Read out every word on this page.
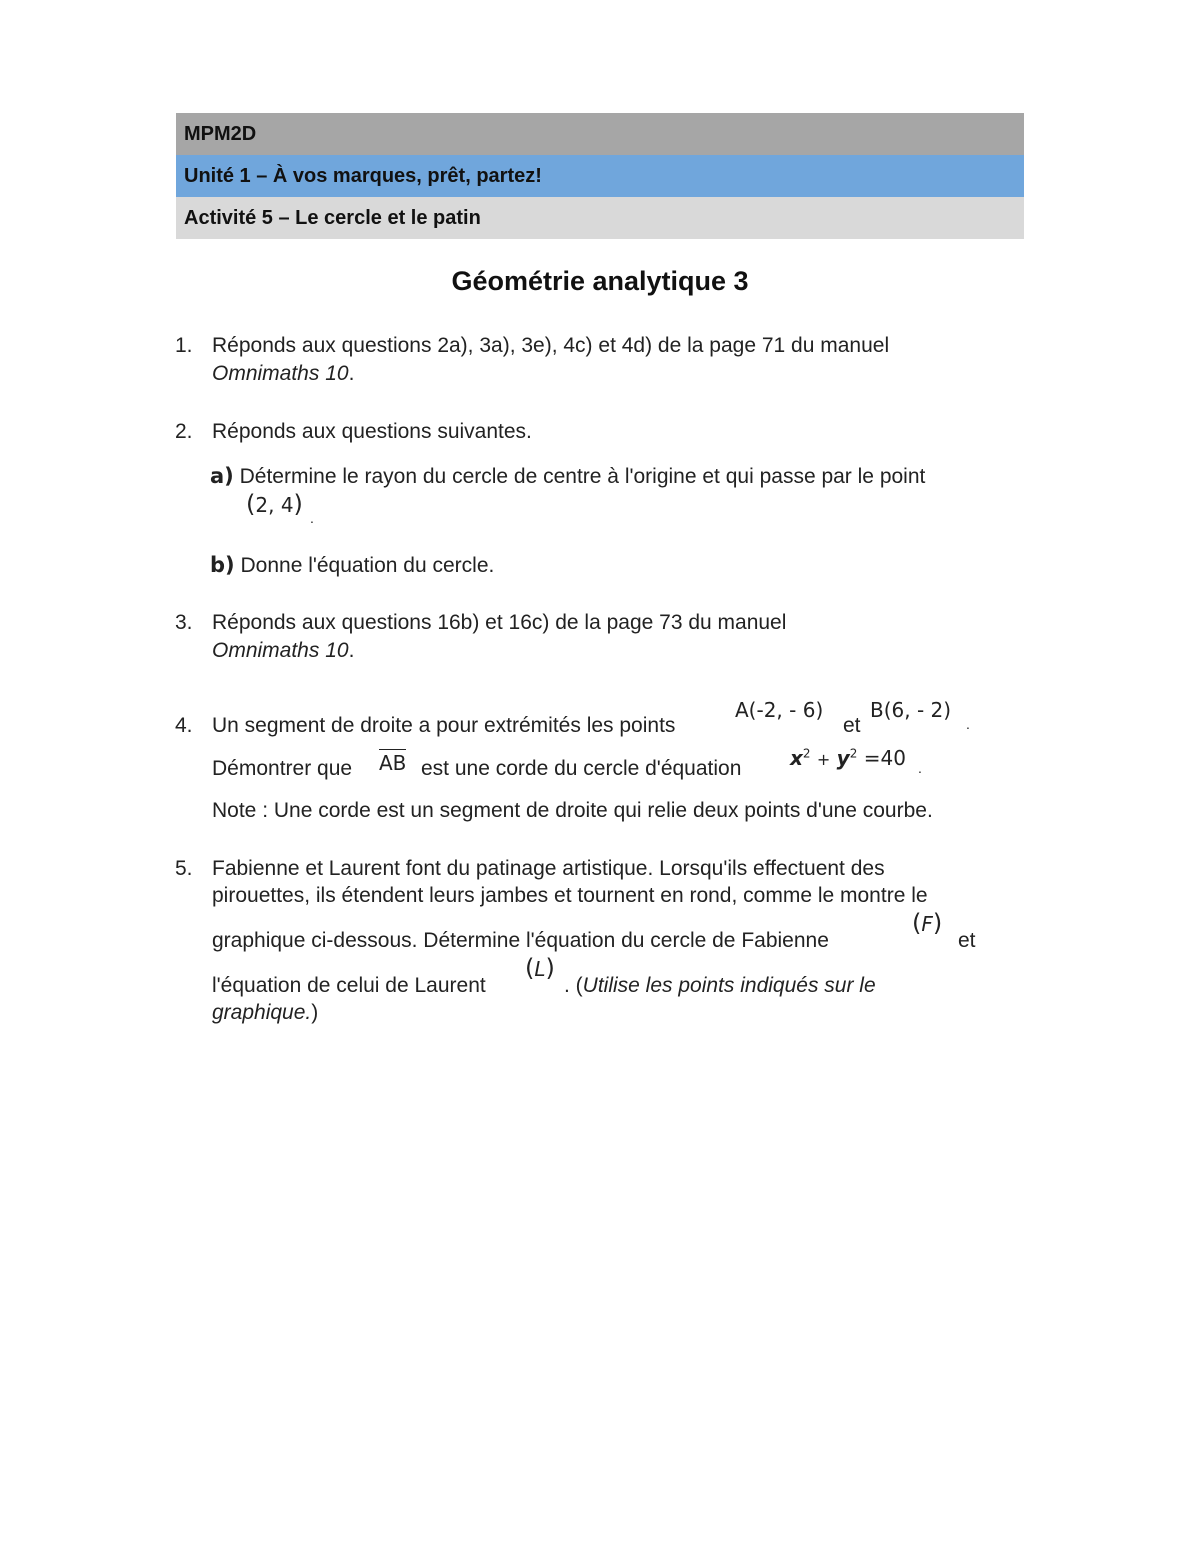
MPM2D
Unité 1 – À vos marques, prêt, partez!
Activité 5 – Le cercle et le patin
Géométrie analytique 3
1. Réponds aux questions 2a), 3a), 3e), 4c) et 4d) de la page 71 du manuel
Omnimaths 10.
2. Réponds aux questions suivantes.
a) Détermine le rayon du cercle de centre à l'origine et qui passe par le point
(2, 4) .
b) Donne l'équation du cercle.
3. Réponds aux questions 16b) et 16c) de la page 73 du manuel
Omnimaths 10.
4. Un segment de droite a pour extrémités les points
A(-2, - 6)
et
B(6, - 2)
.
Démontrer que AB est une corde du cercle d'équation $x^2 + y^2 =40$ .
Note : Une corde est un segment de droite qui relie deux points d'une courbe.
5. Fabienne et Laurent font du patinage artistique. Lorsqu'ils effectuent des
pirouettes, ils étendent leurs jambes et tournent en rond, comme le montre le
graphique ci-dessous. Détermine l'équation du cercle de Fabienne
(F)
et
l'équation de celui de Laurent
(L)
. (Utilise les points indiqués sur le
graphique.)
